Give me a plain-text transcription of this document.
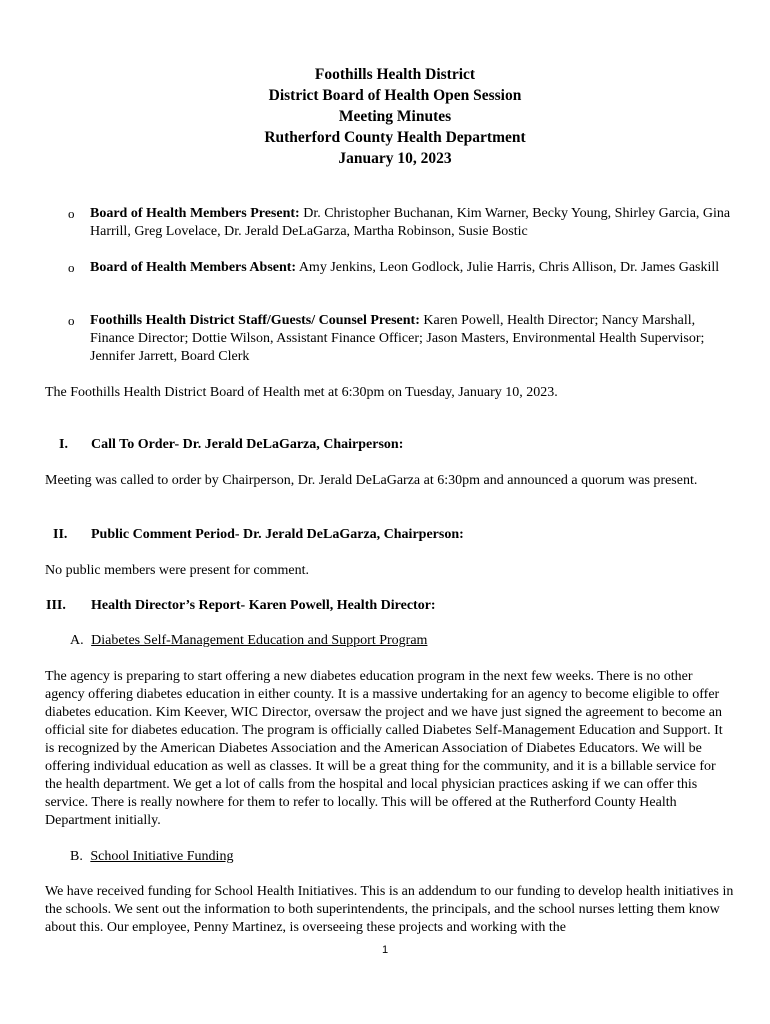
Foothills Health District
District Board of Health Open Session
Meeting Minutes
Rutherford County Health Department
January 10, 2023
o Board of Health Members Present: Dr. Christopher Buchanan, Kim Warner, Becky Young, Shirley Garcia, Gina Harrill, Greg Lovelace, Dr. Jerald DeLaGarza, Martha Robinson, Susie Bostic
o Board of Health Members Absent: Amy Jenkins, Leon Godlock, Julie Harris, Chris Allison, Dr. James Gaskill
o Foothills Health District Staff/Guests/ Counsel Present: Karen Powell, Health Director; Nancy Marshall, Finance Director; Dottie Wilson, Assistant Finance Officer; Jason Masters, Environmental Health Supervisor; Jennifer Jarrett, Board Clerk
The Foothills Health District Board of Health met at 6:30pm on Tuesday, January 10, 2023.
I. Call To Order- Dr. Jerald DeLaGarza, Chairperson:
Meeting was called to order by Chairperson, Dr. Jerald DeLaGarza at 6:30pm and announced a quorum was present.
II. Public Comment Period- Dr. Jerald DeLaGarza, Chairperson:
No public members were present for comment.
III. Health Director’s Report- Karen Powell, Health Director:
A. Diabetes Self-Management Education and Support Program
The agency is preparing to start offering a new diabetes education program in the next few weeks. There is no other agency offering diabetes education in either county. It is a massive undertaking for an agency to become eligible to offer diabetes education. Kim Keever, WIC Director, oversaw the project and we have just signed the agreement to become an official site for diabetes education. The program is officially called Diabetes Self-Management Education and Support. It is recognized by the American Diabetes Association and the American Association of Diabetes Educators. We will be offering individual education as well as classes. It will be a great thing for the community, and it is a billable service for the health department. We get a lot of calls from the hospital and local physician practices asking if we can offer this service. There is really nowhere for them to refer to locally. This will be offered at the Rutherford County Health Department initially.
B. School Initiative Funding
We have received funding for School Health Initiatives. This is an addendum to our funding to develop health initiatives in the schools. We sent out the information to both superintendents, the principals, and the school nurses letting them know about this. Our employee, Penny Martinez, is overseeing these projects and working with the
1
